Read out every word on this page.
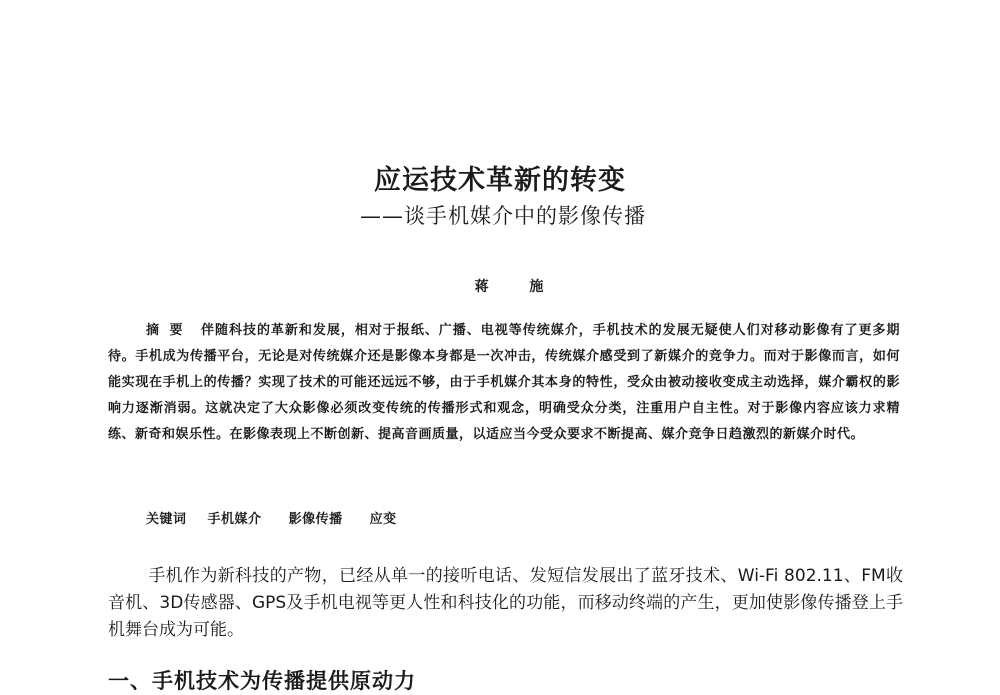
应运技术革新的转变
——谈手机媒介中的影像传播
蒋 施
摘要 伴随科技的革新和发展，相对于报纸、广播、电视等传统媒介，手机技术的发展无疑使人们对移动影像有了更多期待。手机成为传播平台，无论是对传统媒介还是影像本身都是一次冲击，传统媒介感受到了新媒介的竞争力。而对于影像而言，如何能实现在手机上的传播？实现了技术的可能还远远不够，由于手机媒介其本身的特性，受众由被动接收变成主动选择，媒介霸权的影响力逐渐消弱。这就决定了大众影像必须改变传统的传播形式和观念，明确受众分类，注重用户自主性。对于影像内容应该力求精练、新奇和娱乐性。在影像表现上不断创新、提高音画质量，以适应当今受众要求不断提高、媒介竞争日趋激烈的新媒介时代。
关键词 手机媒介 影像传播 应变
手机作为新科技的产物，已经从单一的接听电话、发短信发展出了蓝牙技术、Wi-Fi 802.11、FM收音机、3D传感器、GPS及手机电视等更人性和科技化的功能，而移动终端的产生，更加使影像传播登上手机舞台成为可能。
一、手机技术为传播提供原动力
